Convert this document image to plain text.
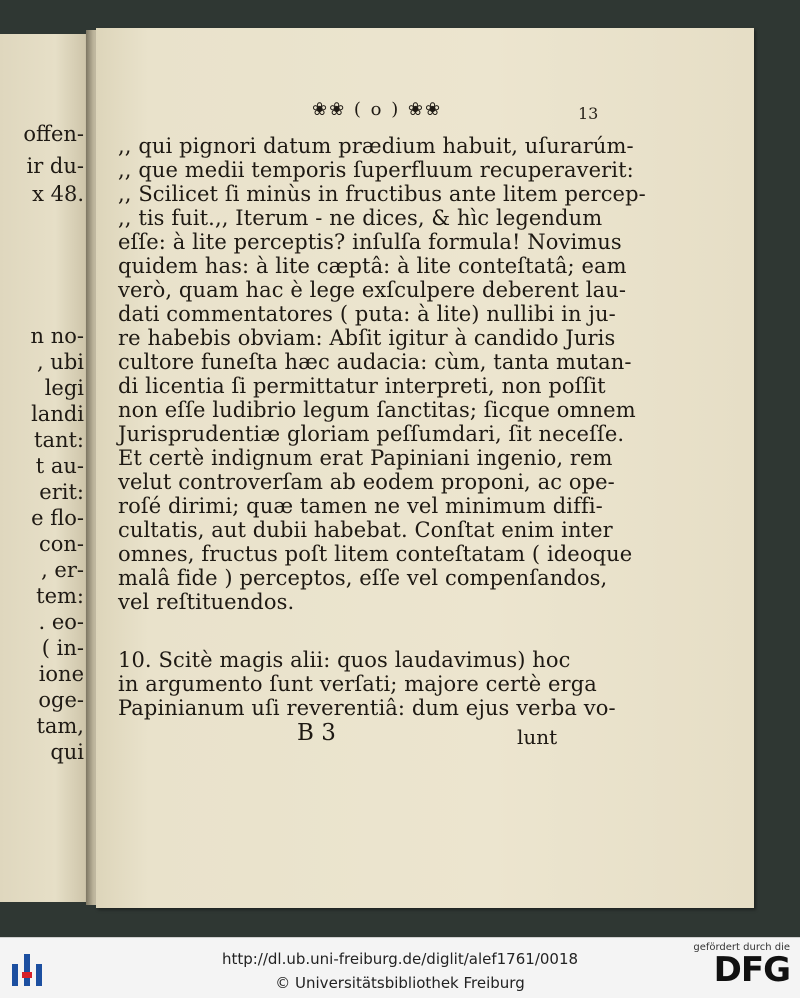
offen-
ir du-
x 48.
n no-
, ubi
legi
landi
tant:
t au-
erit:
e flo-
con-
, er-
tem:
. eo-
( in-
ione
oge-
tam,
qui
❀❀ ( o ) ❀❀	13
,, qui pignori datum prædium habuit, uſurarúm-
,, que medii temporis ſuperfluum recuperaverit:
,, Scilicet ſi minùs in fructibus ante litem percep-
,, tis fuit.,, Iterum - ne dices, & hìc legendum
eſſe: à lite perceptis? inſulſa formula! Novimus
quidem has: à lite cæptâ: à lite conteſtatâ; eam
verò, quam hac è lege exſculpere deberent lau-
dati commentatores ( puta: à lite) nullibi in ju-
re habebis obviam: Abſit igitur à candido Juris
cultore funeſta hæc audacia: cùm, tanta mutan-
di licentia ſi permittatur interpreti, non poſſit
non eſſe ludibrio legum ſanctitas; ſicque omnem
Jurisprudentiæ gloriam peſſumdari, ſit neceſſe.
Et certè indignum erat Papiniani ingenio, rem
velut controverſam ab eodem proponi, ac ope-
roſé dirimi; quæ tamen ne vel minimum diffi-
cultatis, aut dubii habebat. Conſtat enim inter
omnes, fructus poſt litem conteſtatam ( ideoque
malâ fide ) perceptos, eſſe vel compenſandos,
vel reſtituendos.
10. Scitè magis alii: quos laudavimus) hoc
in argumento ſunt verſati; majore certè erga
Papinianum uſi reverentiâ: dum ejus verba vo-
B 3	lunt
http://dl.ub.uni-freiburg.de/diglit/alef1761/0018
© Universitätsbibliothek Freiburg
gefördert durch die
DFG
